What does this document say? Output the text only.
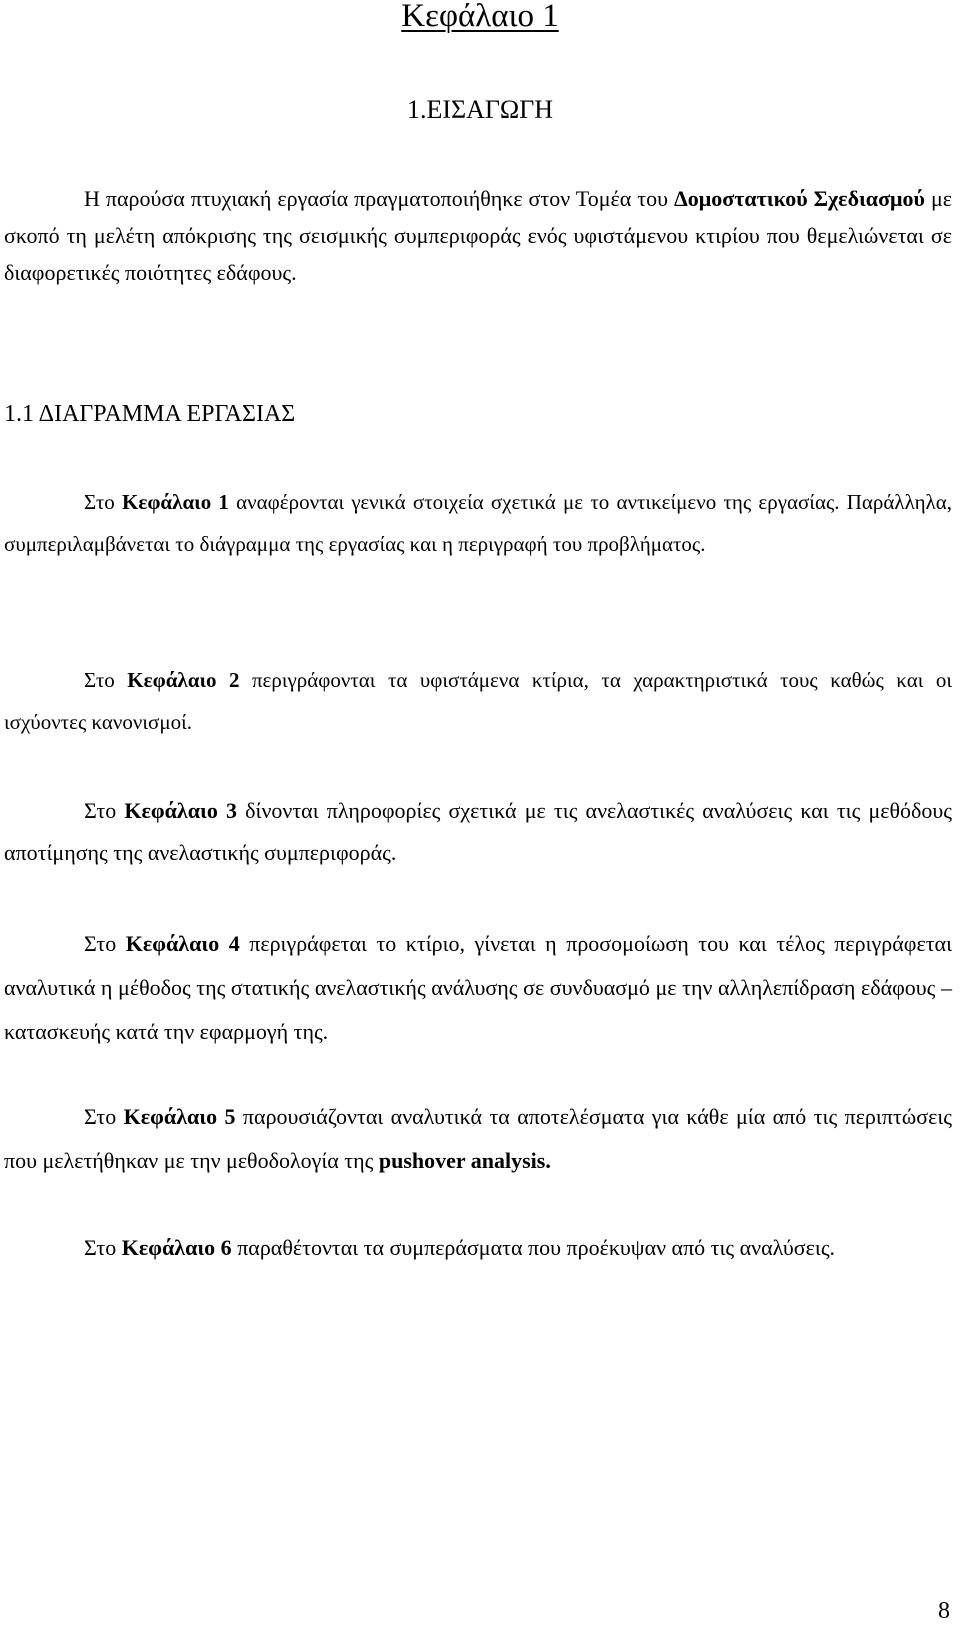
Κεφάλαιο 1
1.ΕΙΣΑΓΩΓΗ

Η παρούσα πτυχιακή εργασία πραγματοποιήθηκε στον Τομέα του Δομοστατικού Σχεδιασμού με σκοπό τη μελέτη απόκρισης της σεισμικής συμπεριφοράς ενός υφιστάμενου κτιρίου που θεμελιώνεται σε διαφορετικές ποιότητες εδάφους.

1.1 ΔΙΑΓΡΑΜΜΑ ΕΡΓΑΣΙΑΣ

Στο Κεφάλαιο 1 αναφέρονται γενικά στοιχεία σχετικά με το αντικείμενο της εργασίας. Παράλληλα, συμπεριλαμβάνεται το διάγραμμα της εργασίας και η περιγραφή του προβλήματος.

Στο Κεφάλαιο 2 περιγράφονται τα υφιστάμενα κτίρια, τα χαρακτηριστικά τους καθώς και οι ισχύοντες κανονισμοί.

Στο Κεφάλαιο 3 δίνονται πληροφορίες σχετικά με τις ανελαστικές αναλύσεις και τις μεθόδους αποτίμησης της ανελαστικής συμπεριφοράς.

Στο Κεφάλαιο 4 περιγράφεται το κτίριο, γίνεται η προσομοίωση του και τέλος περιγράφεται αναλυτικά η μέθοδος της στατικής ανελαστικής ανάλυσης σε συνδυασμό με την αλληλεπίδραση εδάφους – κατασκευής κατά την εφαρμογή της.

Στο Κεφάλαιο 5 παρουσιάζονται αναλυτικά τα αποτελέσματα για κάθε μία από τις περιπτώσεις που μελετήθηκαν με την μεθοδολογία της pushover analysis.

Στο Κεφάλαιο 6 παραθέτονται τα συμπεράσματα που προέκυψαν από τις αναλύσεις.

8
